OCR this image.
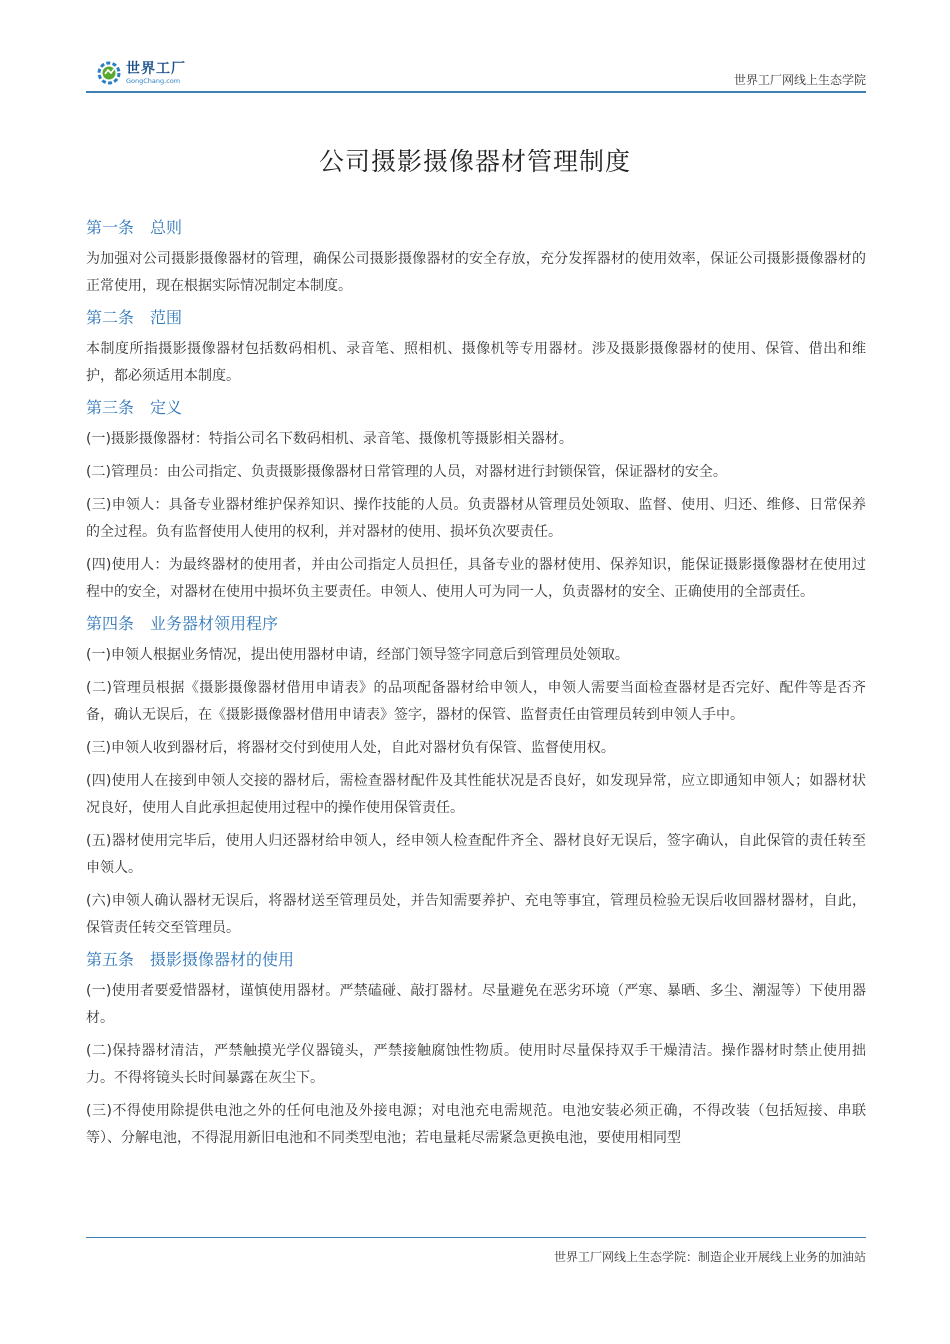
世界工厂
GongChang.com	世界工厂网线上生态学院
公司摄影摄像器材管理制度
第一条　总则
为加强对公司摄影摄像器材的管理，确保公司摄影摄像器材的安全存放，充分发挥器材的使用效率，保证公司摄影摄像器材的正常使用，现在根据实际情况制定本制度。
第二条　范围
本制度所指摄影摄像器材包括数码相机、录音笔、照相机、摄像机等专用器材。涉及摄影摄像器材的使用、保管、借出和维护，都必须适用本制度。
第三条　定义
(一)摄影摄像器材：特指公司名下数码相机、录音笔、摄像机等摄影相关器材。
(二)管理员：由公司指定、负责摄影摄像器材日常管理的人员，对器材进行封锁保管，保证器材的安全。
(三)申领人：具备专业器材维护保养知识、操作技能的人员。负责器材从管理员处领取、监督、使用、归还、维修、日常保养的全过程。负有监督使用人使用的权利，并对器材的使用、损坏负次要责任。
(四)使用人：为最终器材的使用者，并由公司指定人员担任，具备专业的器材使用、保养知识，能保证摄影摄像器材在使用过程中的安全，对器材在使用中损坏负主要责任。申领人、使用人可为同一人，负责器材的安全、正确使用的全部责任。
第四条　业务器材领用程序
(一)申领人根据业务情况，提出使用器材申请，经部门领导签字同意后到管理员处领取。
(二)管理员根据《摄影摄像器材借用申请表》的品项配备器材给申领人，申领人需要当面检查器材是否完好、配件等是否齐备，确认无误后，在《摄影摄像器材借用申请表》签字，器材的保管、监督责任由管理员转到申领人手中。
(三)申领人收到器材后，将器材交付到使用人处，自此对器材负有保管、监督使用权。
(四)使用人在接到申领人交接的器材后，需检查器材配件及其性能状况是否良好，如发现异常，应立即通知申领人；如器材状况良好，使用人自此承担起使用过程中的操作使用保管责任。
(五)器材使用完毕后，使用人归还器材给申领人，经申领人检查配件齐全、器材良好无误后，签字确认，自此保管的责任转至申领人。
(六)申领人确认器材无误后，将器材送至管理员处，并告知需要养护、充电等事宜，管理员检验无误后收回器材器材，自此，保管责任转交至管理员。
第五条　摄影摄像器材的使用
(一)使用者要爱惜器材，谨慎使用器材。严禁磕碰、敲打器材。尽量避免在恶劣环境（严寒、暴晒、多尘、潮湿等）下使用器材。
(二)保持器材清洁，严禁触摸光学仪器镜头，严禁接触腐蚀性物质。使用时尽量保持双手干燥清洁。操作器材时禁止使用拙力。不得将镜头长时间暴露在灰尘下。
(三)不得使用除提供电池之外的任何电池及外接电源；对电池充电需规范。电池安装必须正确，不得改装（包括短接、串联等）、分解电池，不得混用新旧电池和不同类型电池；若电量耗尽需紧急更换电池，要使用相同型
世界工厂网线上生态学院：制造企业开展线上业务的加油站
